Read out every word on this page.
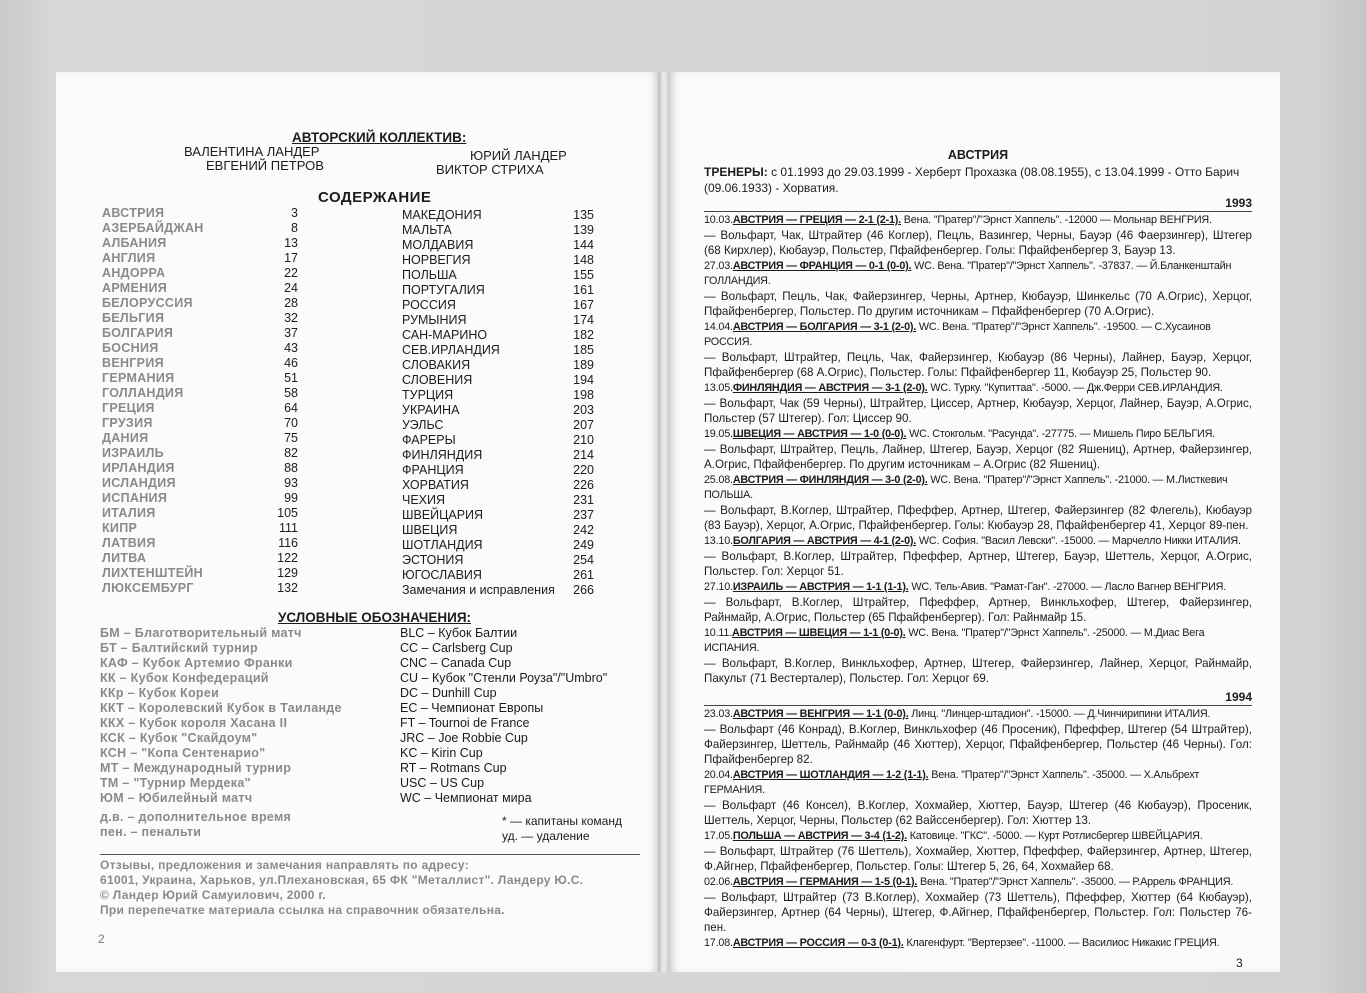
АВТОРСКИЙ КОЛЛЕКТИВ:
ВАЛЕНТИНА ЛАНДЕР	ЮРИЙ ЛАНДЕР
ЕВГЕНИЙ ПЕТРОВ	ВИКТОР СТРИХА
СОДЕРЖАНИЕ
АВСТРИЯ
АЗЕРБАЙДЖАН
АЛБАНИЯ
АНГЛИЯ
АНДОРРА
АРМЕНИЯ
БЕЛОРУССИЯ
БЕЛЬГИЯ
БОЛГАРИЯ
БОСНИЯ
ВЕНГРИЯ
ГЕРМАНИЯ
ГОЛЛАНДИЯ
ГРЕЦИЯ
ГРУЗИЯ
ДАНИЯ
ИЗРАИЛЬ
ИРЛАНДИЯ
ИСЛАНДИЯ
ИСПАНИЯ
ИТАЛИЯ
КИПР
ЛАТВИЯ
ЛИТВА
ЛИХТЕНШТЕЙН
ЛЮКСЕМБУРГ
3
8
13
17
22
24
28
32
37
43
46
51
58
64
70
75
82
88
93
99
105
111
116
122
129
132
МАКЕДОНИЯ
МАЛЬТА
МОЛДАВИЯ
НОРВЕГИЯ
ПОЛЬША
ПОРТУГАЛИЯ
РОССИЯ
РУМЫНИЯ
САН-МАРИНО
СЕВ.ИРЛАНДИЯ
СЛОВАКИЯ
СЛОВЕНИЯ
ТУРЦИЯ
УКРАИНА
УЭЛЬС
ФАРЕРЫ
ФИНЛЯНДИЯ
ФРАНЦИЯ
ХОРВАТИЯ
ЧЕХИЯ
ШВЕЙЦАРИЯ
ШВЕЦИЯ
ШОТЛАНДИЯ
ЭСТОНИЯ
ЮГОСЛАВИЯ
Замечания и исправления
135
139
144
148
155
161
167
174
182
185
189
194
198
203
207
210
214
220
226
231
237
242
249
254
261
266
УСЛОВНЫЕ ОБОЗНАЧЕНИЯ:
БМ – Благотворительный матч
БТ – Балтийский турнир
КАФ – Кубок Артемио Франки
КК – Кубок Конфедераций
ККр – Кубок Кореи
ККТ – Королевский Кубок в Таиланде
ККХ – Кубок короля Хасана II
КСК – Кубок "Скайдоум"
КСН – "Копа Сентенарио"
МТ – Международный турнир
ТМ – "Турнир Мердека"
ЮМ – Юбилейный матч
д.в. – дополнительное время
пен. – пенальти
BLC – Кубок Балтии
CC – Carlsberg Cup
CNC – Canada Cup
CU – Кубок "Стенли Роуза"/"Umbro"
DC – Dunhill Cup
EC – Чемпионат Европы
FT – Tournoi de France
JRC – Joe Robbie Cup
KC – Kirin Cup
RT – Rotmans Cup
USC – US Cup
WC – Чемпионат мира
* — капитаны команд
уд. — удаление
Отзывы, предложения и замечания направлять по адресу:
61001, Украина, Харьков, ул.Плехановская, 65 ФК "Металлист". Ландеру Ю.С.
© Ландер Юрий Самуилович, 2000 г.
При перепечатке материала ссылка на справочник обязательна.
2
АВСТРИЯ
ТРЕНЕРЫ: с 01.1993 до 29.03.1999 - Херберт Прохазка (08.08.1955), с 13.04.1999 - Отто Барич (09.06.1933) - Хорватия.
1993
10.03.АВСТРИЯ — ГРЕЦИЯ — 2-1 (2-1). Вена. "Пратер"/"Эрнст Хаппель". -12000 — Мольнар ВЕНГРИЯ.
— Вольфарт, Чак, Штрайтер (46 Коглер), Пецль, Вазингер, Черны, Бауэр (46 Фаерзингер), Штегер (68 Кирхлер), Кюбауэр, Польстер, Пфайфенбергер. Голы: Пфайфенбергер 3, Бауэр 13.
27.03.АВСТРИЯ — ФРАНЦИЯ — 0-1 (0-0). WC. Вена. "Пратер"/"Эрнст Хаппель". -37837. — Й.Бланкенштайн ГОЛЛАНДИЯ.
— Вольфарт, Пецль, Чак, Файерзингер, Черны, Артнер, Кюбауэр, Шинкельс (70 А.Огрис), Херцог, Пфайфенбергер, Польстер. По другим источникам – Пфайфенбергер (70 А.Огрис).
14.04.АВСТРИЯ — БОЛГАРИЯ — 3-1 (2-0). WC. Вена. "Пратер"/"Эрнст Хаппель". -19500. — С.Хусаинов РОССИЯ.
— Вольфарт, Штрайтер, Пецль, Чак, Файерзингер, Кюбауэр (86 Черны), Лайнер, Бауэр, Херцог, Пфайфенбергер (68 А.Огрис), Польстер. Голы: Пфайфенбергер 11, Кюбауэр 25, Польстер 90.
13.05.ФИНЛЯНДИЯ — АВСТРИЯ — 3-1 (2-0). WC. Турку. "Купиттаа". -5000. — Дж.Ферри СЕВ.ИРЛАНДИЯ.
— Вольфарт, Чак (59 Черны), Штрайтер, Циссер, Артнер, Кюбауэр, Херцог, Лайнер, Бауэр, А.Огрис, Польстер (57 Штегер). Гол: Циссер 90.
19.05.ШВЕЦИЯ — АВСТРИЯ — 1-0 (0-0). WC. Стокгольм. "Расунда". -27775. — Мишель Пиро БЕЛЬГИЯ.
— Вольфарт, Штрайтер, Пецль, Лайнер, Штегер, Бауэр, Херцог (82 Яшениц), Артнер, Файерзингер, А.Огрис, Пфайфенбергер. По другим источникам – А.Огрис (82 Яшениц).
25.08.АВСТРИЯ — ФИНЛЯНДИЯ — 3-0 (2-0). WC. Вена. "Пратер"/"Эрнст Хаппель". -21000. — М.Листкевич ПОЛЬША.
— Вольфарт, В.Коглер, Штрайтер, Пфеффер, Артнер, Штегер, Файерзингер (82 Флегель), Кюбауэр (83 Бауэр), Херцог, А.Огрис, Пфайфенбергер. Голы: Кюбауэр 28, Пфайфенбергер 41, Херцог 89-пен.
13.10.БОЛГАРИЯ — АВСТРИЯ — 4-1 (2-0). WC. София. "Васил Левски". -15000. — Марчелло Никки ИТАЛИЯ.
— Вольфарт, В.Коглер, Штрайтер, Пфеффер, Артнер, Штегер, Бауэр, Шеттель, Херцог, А.Огрис, Польстер. Гол: Херцог 51.
27.10.ИЗРАИЛЬ — АВСТРИЯ — 1-1 (1-1). WC. Тель-Авив. "Рамат-Ган". -27000. — Ласло Вагнер ВЕНГРИЯ.
— Вольфарт, В.Коглер, Штрайтер, Пфеффер, Артнер, Винкльхофер, Штегер, Файерзингер, Райнмайр, А.Огрис, Польстер (65 Пфайфенбергер). Гол: Райнмайр 15.
10.11.АВСТРИЯ — ШВЕЦИЯ — 1-1 (0-0). WC. Вена. "Пратер"/"Эрнст Хаппель". -25000. — М.Диас Вега ИСПАНИЯ.
— Вольфарт, В.Коглер, Винкльхофер, Артнер, Штегер, Файерзингер, Лайнер, Херцог, Райнмайр, Пакульт (71 Вестерталер), Польстер. Гол: Херцог 69.
1994
23.03.АВСТРИЯ — ВЕНГРИЯ — 1-1 (0-0). Линц. "Линцер-штадион". -15000. — Д.Чинчирипини ИТАЛИЯ.
— Вольфарт (46 Конрад), В.Коглер, Винкльхофер (46 Просеник), Пфеффер, Штегер (54 Штрайтер), Файерзингер, Шеттель, Райнмайр (46 Хюттер), Херцог, Пфайфенбергер, Польстер (46 Черны). Гол: Пфайфенбергер 82.
20.04.АВСТРИЯ — ШОТЛАНДИЯ — 1-2 (1-1). Вена. "Пратер"/"Эрнст Хаппель". -35000. — Х.Альбрехт ГЕРМАНИЯ.
— Вольфарт (46 Консел), В.Коглер, Хохмайер, Хюттер, Бауэр, Штегер (46 Кюбауэр), Просеник, Шеттель, Херцог, Черны, Польстер (62 Вайссенбергер). Гол: Хюттер 13.
17.05.ПОЛЬША — АВСТРИЯ — 3-4 (1-2). Катовице. "ГКС". -5000. — Курт Ротлисбергер ШВЕЙЦАРИЯ.
— Вольфарт, Штрайтер (76 Шеттель), Хохмайер, Хюттер, Пфеффер, Файерзингер, Артнер, Штегер, Ф.Айгнер, Пфайфенбергер, Польстер. Голы: Штегер 5, 26, 64, Хохмайер 68.
02.06.АВСТРИЯ — ГЕРМАНИЯ — 1-5 (0-1). Вена. "Пратер"/"Эрнст Хаппель". -35000. — Р.Аррель ФРАНЦИЯ.
— Вольфарт, Штрайтер (73 В.Коглер), Хохмайер (73 Шеттель), Пфеффер, Хюттер (64 Кюбауэр), Файерзингер, Артнер (64 Черны), Штегер, Ф.Айгнер, Пфайфенбергер, Польстер. Гол: Польстер 76-пен.
17.08.АВСТРИЯ — РОССИЯ — 0-3 (0-1). Клагенфурт. "Вертерзее". -11000. — Василиос Никакис ГРЕЦИЯ.
3
